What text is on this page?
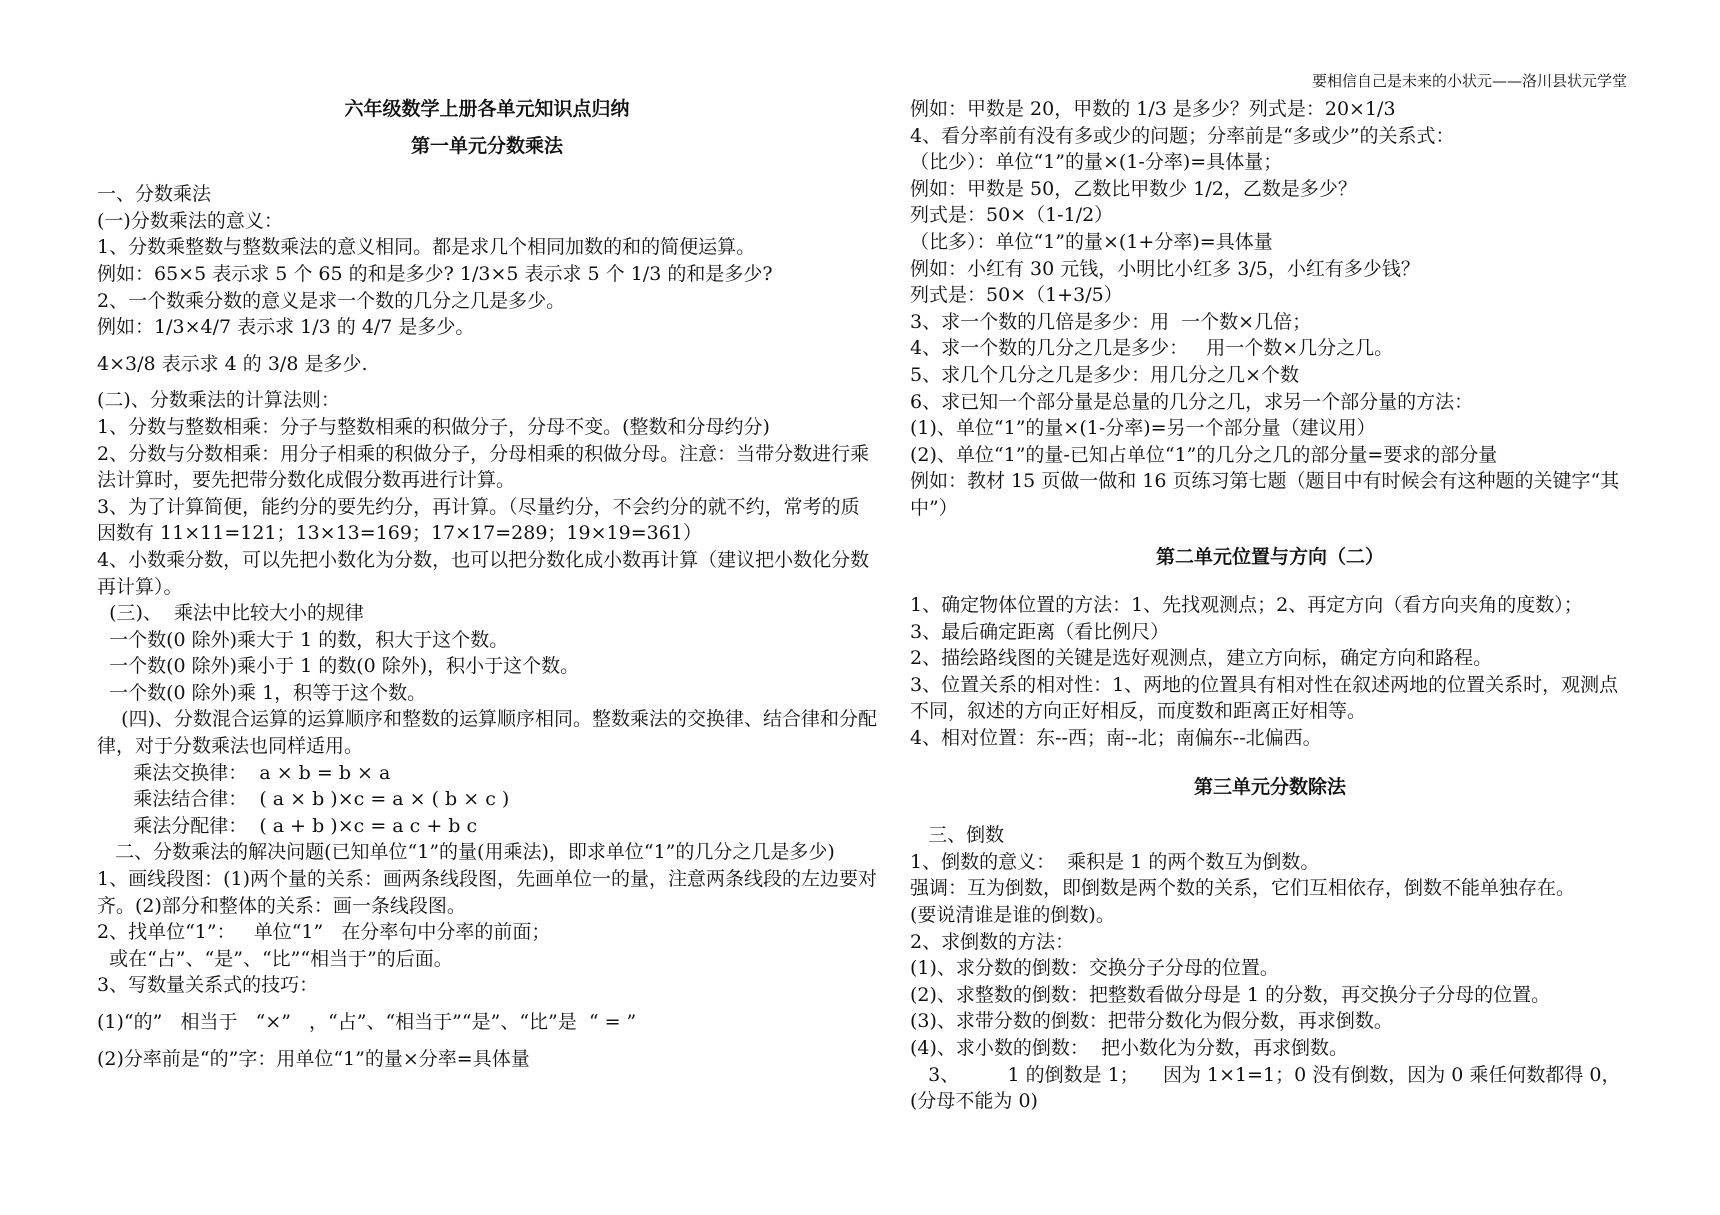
要相信自己是未来的小状元——洛川县状元学堂
六年级数学上册各单元知识点归纳
第一单元分数乘法
一、分数乘法
(一)分数乘法的意义：
1、分数乘整数与整数乘法的意义相同。都是求几个相同加数的和的简便运算。
例如：65×5 表示求 5 个 65 的和是多少? 1/3×5 表示求 5 个 1/3 的和是多少?
2、一个数乘分数的意义是求一个数的几分之几是多少。
例如：1/3×4/7 表示求 1/3 的 4/7 是多少。
4×3/8 表示求 4 的 3/8 是多少.
(二)、分数乘法的计算法则：
1、分数与整数相乘：分子与整数相乘的积做分子，分母不变。(整数和分母约分)
2、分数与分数相乘：用分子相乘的积做分子，分母相乘的积做分母。注意：当带分数进行乘法计算时，要先把带分数化成假分数再进行计算。
3、为了计算简便，能约分的要先约分，再计算。（尽量约分，不会约分的就不约，常考的质因数有 11×11=121；13×13=169；17×17=289；19×19=361）
4、小数乘分数，可以先把小数化为分数，也可以把分数化成小数再计算（建议把小数化分数再计算）。
(三)、  乘法中比较大小的规律
一个数(0 除外)乘大于 1 的数，积大于这个数。
一个数(0 除外)乘小于 1 的数(0 除外)，积小于这个数。
一个数(0 除外)乘 1，积等于这个数。
(四)、分数混合运算的运算顺序和整数的运算顺序相同。整数乘法的交换律、结合律和分配律，对于分数乘法也同样适用。
乘法交换律：  a × b = b × a
乘法结合律：  ( a × b )×c = a × ( b × c )
乘法分配律：  ( a + b )×c = a c + b c
二、分数乘法的解决问题(已知单位“1”的量(用乘法)，即求单位“1”的几分之几是多少)
1、画线段图：(1)两个量的关系：画两条线段图，先画单位一的量，注意两条线段的左边要对齐。(2)部分和整体的关系：画一条线段图。
2、找单位“1”：   单位“1”   在分率句中分率的前面；
或在“占”、“是”、“比”“相当于”的后面。
3、写数量关系式的技巧：
(1)“的”   相当于   “×”   ，“占”、“相当于”“是”、“比”是  “ = ”
(2)分率前是“的”字：用单位“1”的量×分率=具体量
例如：甲数是 20，甲数的 1/3 是多少？列式是：20×1/3
4、看分率前有没有多或少的问题；分率前是“多或少”的关系式：
（比少）：单位“1”的量×(1-分率)=具体量；
例如：甲数是 50，乙数比甲数少 1/2，乙数是多少？
列式是：50×（1-1/2）
（比多）：单位“1”的量×(1+分率)=具体量
例如：小红有 30 元钱，小明比小红多 3/5，小红有多少钱？
列式是：50×（1+3/5）
3、求一个数的几倍是多少：用  一个数×几倍；
4、求一个数的几分之几是多少：   用一个数×几分之几。
5、求几个几分之几是多少：用几分之几×个数
6、求已知一个部分量是总量的几分之几，求另一个部分量的方法：
(1)、单位“1”的量×(1-分率)=另一个部分量（建议用）
(2)、单位“1”的量-已知占单位“1”的几分之几的部分量=要求的部分量
例如：教材 15 页做一做和 16 页练习第七题（题目中有时候会有这种题的关键字“其中”）
第二单元位置与方向（二）
1、确定物体位置的方法：1、先找观测点；2、再定方向（看方向夹角的度数）；
3、最后确定距离（看比例尺）
2、描绘路线图的关键是选好观测点，建立方向标，确定方向和路程。
3、位置关系的相对性：1、两地的位置具有相对性在叙述两地的位置关系时，观测点不同，叙述的方向正好相反，而度数和距离正好相等。
4、相对位置：东--西；南--北；南偏东--北偏西。
第三单元分数除法
三、倒数
1、倒数的意义：  乘积是 1 的两个数互为倒数。
强调：互为倒数，即倒数是两个数的关系，它们互相依存，倒数不能单独存在。
(要说清谁是谁的倒数)。
2、求倒数的方法：
(1)、求分数的倒数：交换分子分母的位置。
(2)、求整数的倒数：把整数看做分母是 1 的分数，再交换分子分母的位置。
(3)、求带分数的倒数：把带分数化为假分数，再求倒数。
(4)、求小数的倒数：  把小数化为分数，再求倒数。
3、        1 的倒数是 1；    因为 1×1=1；0 没有倒数，因为 0 乘任何数都得 0，(分母不能为 0)
